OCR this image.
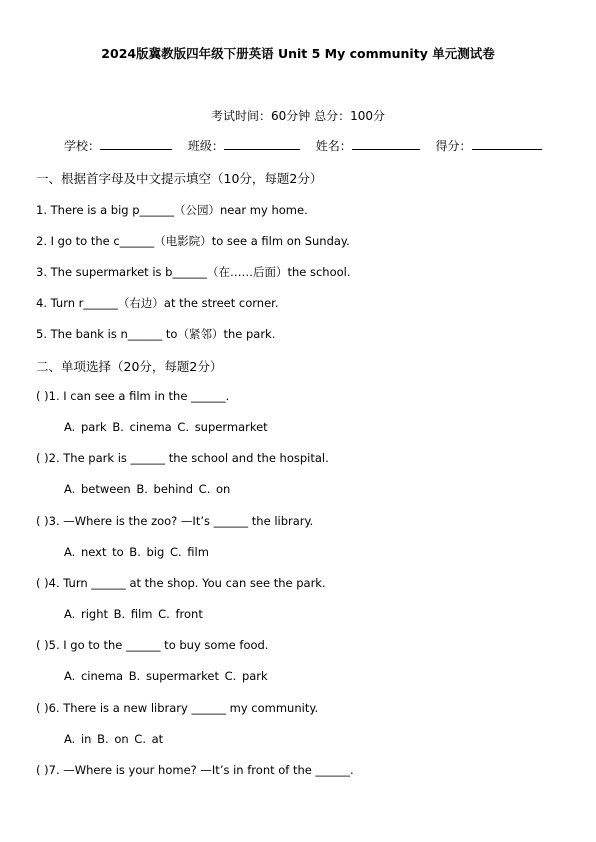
2024版冀教版四年级下册英语 Unit 5 My community 单元测试卷
考试时间：60分钟 总分：100分
学校：	班级：	姓名：	得分：
一、根据首字母及中文提示填空（10分，每题2分）
1. There is a big p______（公园）near my home.
2. I go to the c______（电影院）to see a film on Sunday.
3. The supermarket is b______（在……后面）the school.
4. Turn r______（右边）at the street corner.
5. The bank is n______ to（紧邻）the park.
二、单项选择（20分，每题2分）
( )1. I can see a film in the ______.
A. park B. cinema C. supermarket
( )2. The park is ______ the school and the hospital.
A. between B. behind C. on
( )3. —Where is the zoo? —It’s ______ the library.
A. next to B. big C. film
( )4. Turn ______ at the shop. You can see the park.
A. right B. film C. front
( )5. I go to the ______ to buy some food.
A. cinema B. supermarket C. park
( )6. There is a new library ______ my community.
A. in B. on C. at
( )7. —Where is your home? —It’s in front of the ______.
